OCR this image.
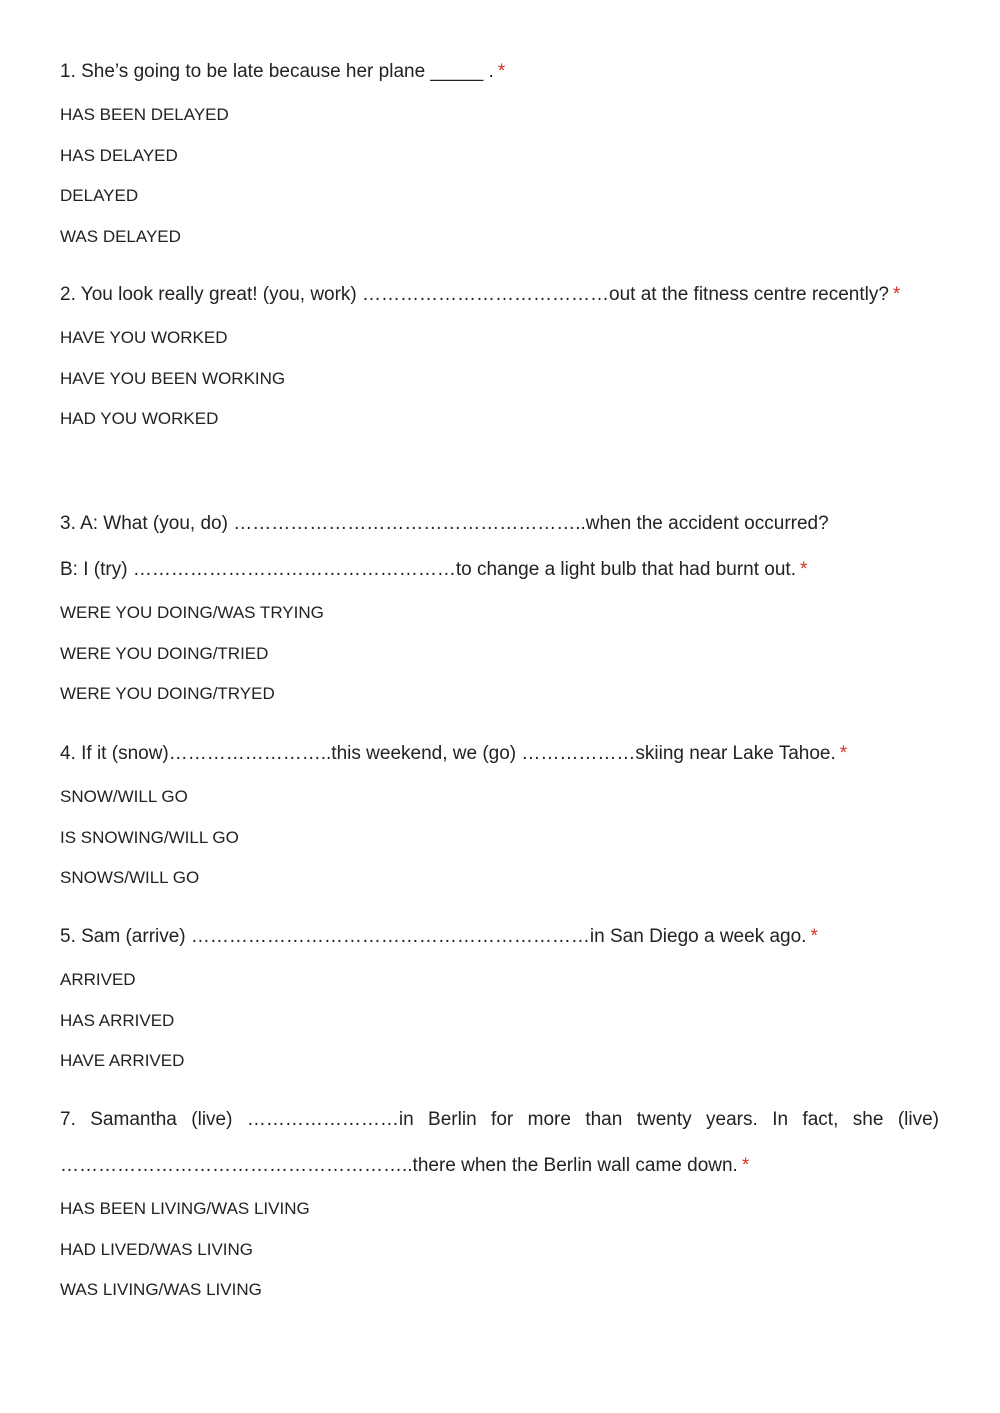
1. She’s going to be late because her plane _____ . *

HAS BEEN DELAYED
HAS DELAYED
DELAYED
WAS DELAYED

2. You look really great! (you, work) …………………………………out at the fitness centre recently? *

HAVE YOU WORKED
HAVE YOU BEEN WORKING
HAD YOU WORKED

3. A: What (you, do) ………………………………………………..when the accident occurred?

B: I (try) ……………………………………………to change a light bulb that had burnt out. *

WERE YOU DOING/WAS TRYING
WERE YOU DOING/TRIED
WERE YOU DOING/TRYED

4. If it (snow)……………………..this weekend, we (go) ………………skiing near Lake Tahoe. *

SNOW/WILL GO
IS SNOWING/WILL GO
SNOWS/WILL GO

5. Sam (arrive) ………………………………………………………in San Diego a week ago. *

ARRIVED
HAS ARRIVED
HAVE ARRIVED

7. Samantha (live) ……………………in Berlin for more than twenty years. In fact, she (live) ………………………………………………..there when the Berlin wall came down. *

HAS BEEN LIVING/WAS LIVING
HAD LIVED/WAS LIVING
WAS LIVING/WAS LIVING
